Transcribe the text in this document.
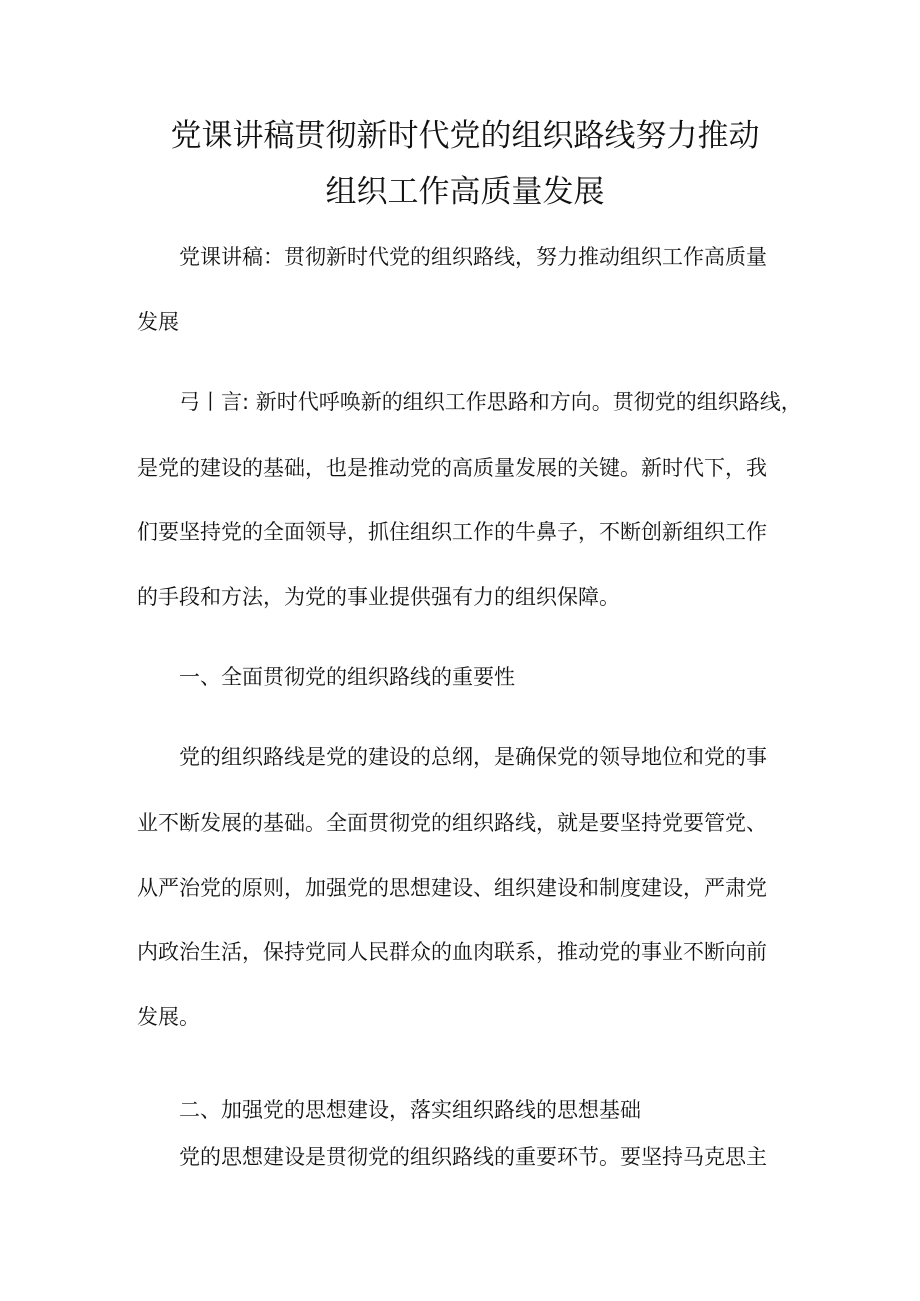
党课讲稿贯彻新时代党的组织路线努力推动
组织工作高质量发展
党课讲稿：贯彻新时代党的组织路线，努力推动组织工作高质量
发展
弓丨言: 新时代呼唤新的组织工作思路和方向。贯彻党的组织路线，
是党的建设的基础，也是推动党的高质量发展的关键。新时代下，我
们要坚持党的全面领导，抓住组织工作的牛鼻子，不断创新组织工作
的手段和方法，为党的事业提供强有力的组织保障。
一、全面贯彻党的组织路线的重要性
党的组织路线是党的建设的总纲，是确保党的领导地位和党的事
业不断发展的基础。全面贯彻党的组织路线，就是要坚持党要管党、
从严治党的原则，加强党的思想建设、组织建设和制度建设，严肃党
内政治生活，保持党同人民群众的血肉联系，推动党的事业不断向前
发展。
二、加强党的思想建设，落实组织路线的思想基础
党的思想建设是贯彻党的组织路线的重要环节。要坚持马克思主
